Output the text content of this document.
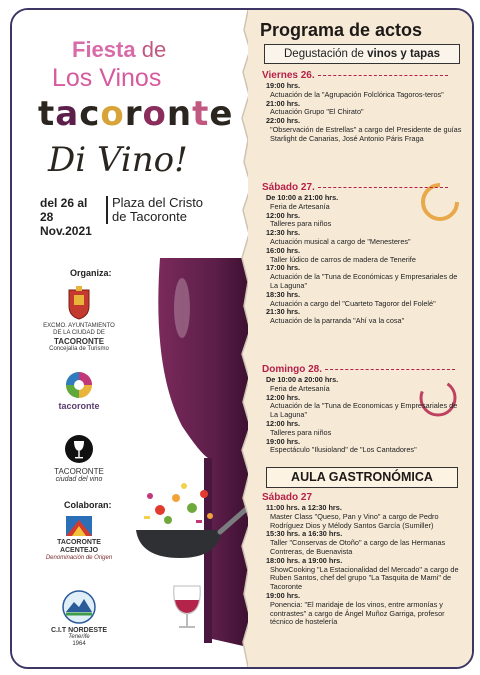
Fiesta de
Los Vinos
tacoronte
Di Vino!
del 26 al 28
Nov.2021
Plaza del Cristo
de Tacoronte
Organiza:
EXCMO. AYUNTAMIENTO
DE LA CIUDAD DE
TACORONTE
Concejalía de Turismo
tacoronte
TACORONTE
ciudad del vino
Colaboran:
TACORONTE
ACENTEJO
Denominación de Origen
C.I.T NORDESTE
Tenerife
1964
Programa de actos
Degustación de vinos y tapas
Viernes 26.
19:00 hrs.
Actuación de la "Agrupación Folclórica Tagoros-teros"
21:00 hrs.
Actuación Grupo "El Chirato"
22:00 hrs.
"Observación de Estrellas" a cargo del Presidente de guías Starlight de Canarias, José Antonio Páris Fraga
Sábado 27.
De 10:00 a 21:00 hrs.
Feria de Artesanía
12:00 hrs.
Talleres para niños
12:30 hrs.
Actuación musical a cargo de "Menesteres"
16:00 hrs.
Taller lúdico de carros de madera de Tenerife
17:00 hrs.
Actuación de la "Tuna de Económicas y Empresariales de La Laguna"
18:30 hrs.
Actuación a cargo del "Cuarteto Tagoror del Folelé"
21:30 hrs.
Actuación de la parranda "Ahí va la cosa"
Domingo 28.
De 10:00 a 20:00 hrs.
Feria de Artesanía
12:00 hrs.
Actuación de la "Tuna de Economicas y Empresariales de La Laguna"
12:00 hrs.
Talleres para niños
19:00 hrs.
Espectáculo "Ilusioland" de "Los Cantadores"
AULA GASTRONÓMICA
Sábado 27
11:00 hrs. a 12:30 hrs.
Master Class "Queso, Pan y Vino" a cargo de Pedro Rodríguez Dios y Mélody Santos García (Sumiller)
15:30 hrs. a 16:30 hrs.
Taller "Conservas de Otoño" a cargo de las Hermanas Contreras, de Buenavista
18:00 hrs. a 19:00 hrs.
ShowCooking "La Estacionalidad del Mercado" a cargo de Ruben Santos, chef del grupo "La Tasquita de Mami" de Tacoronte
19:00 hrs.
Ponencia: "El maridaje de los vinos, entre armonías y contrastes" a cargo de Ángel Muñoz Garriga, profesor técnico de hostelería
